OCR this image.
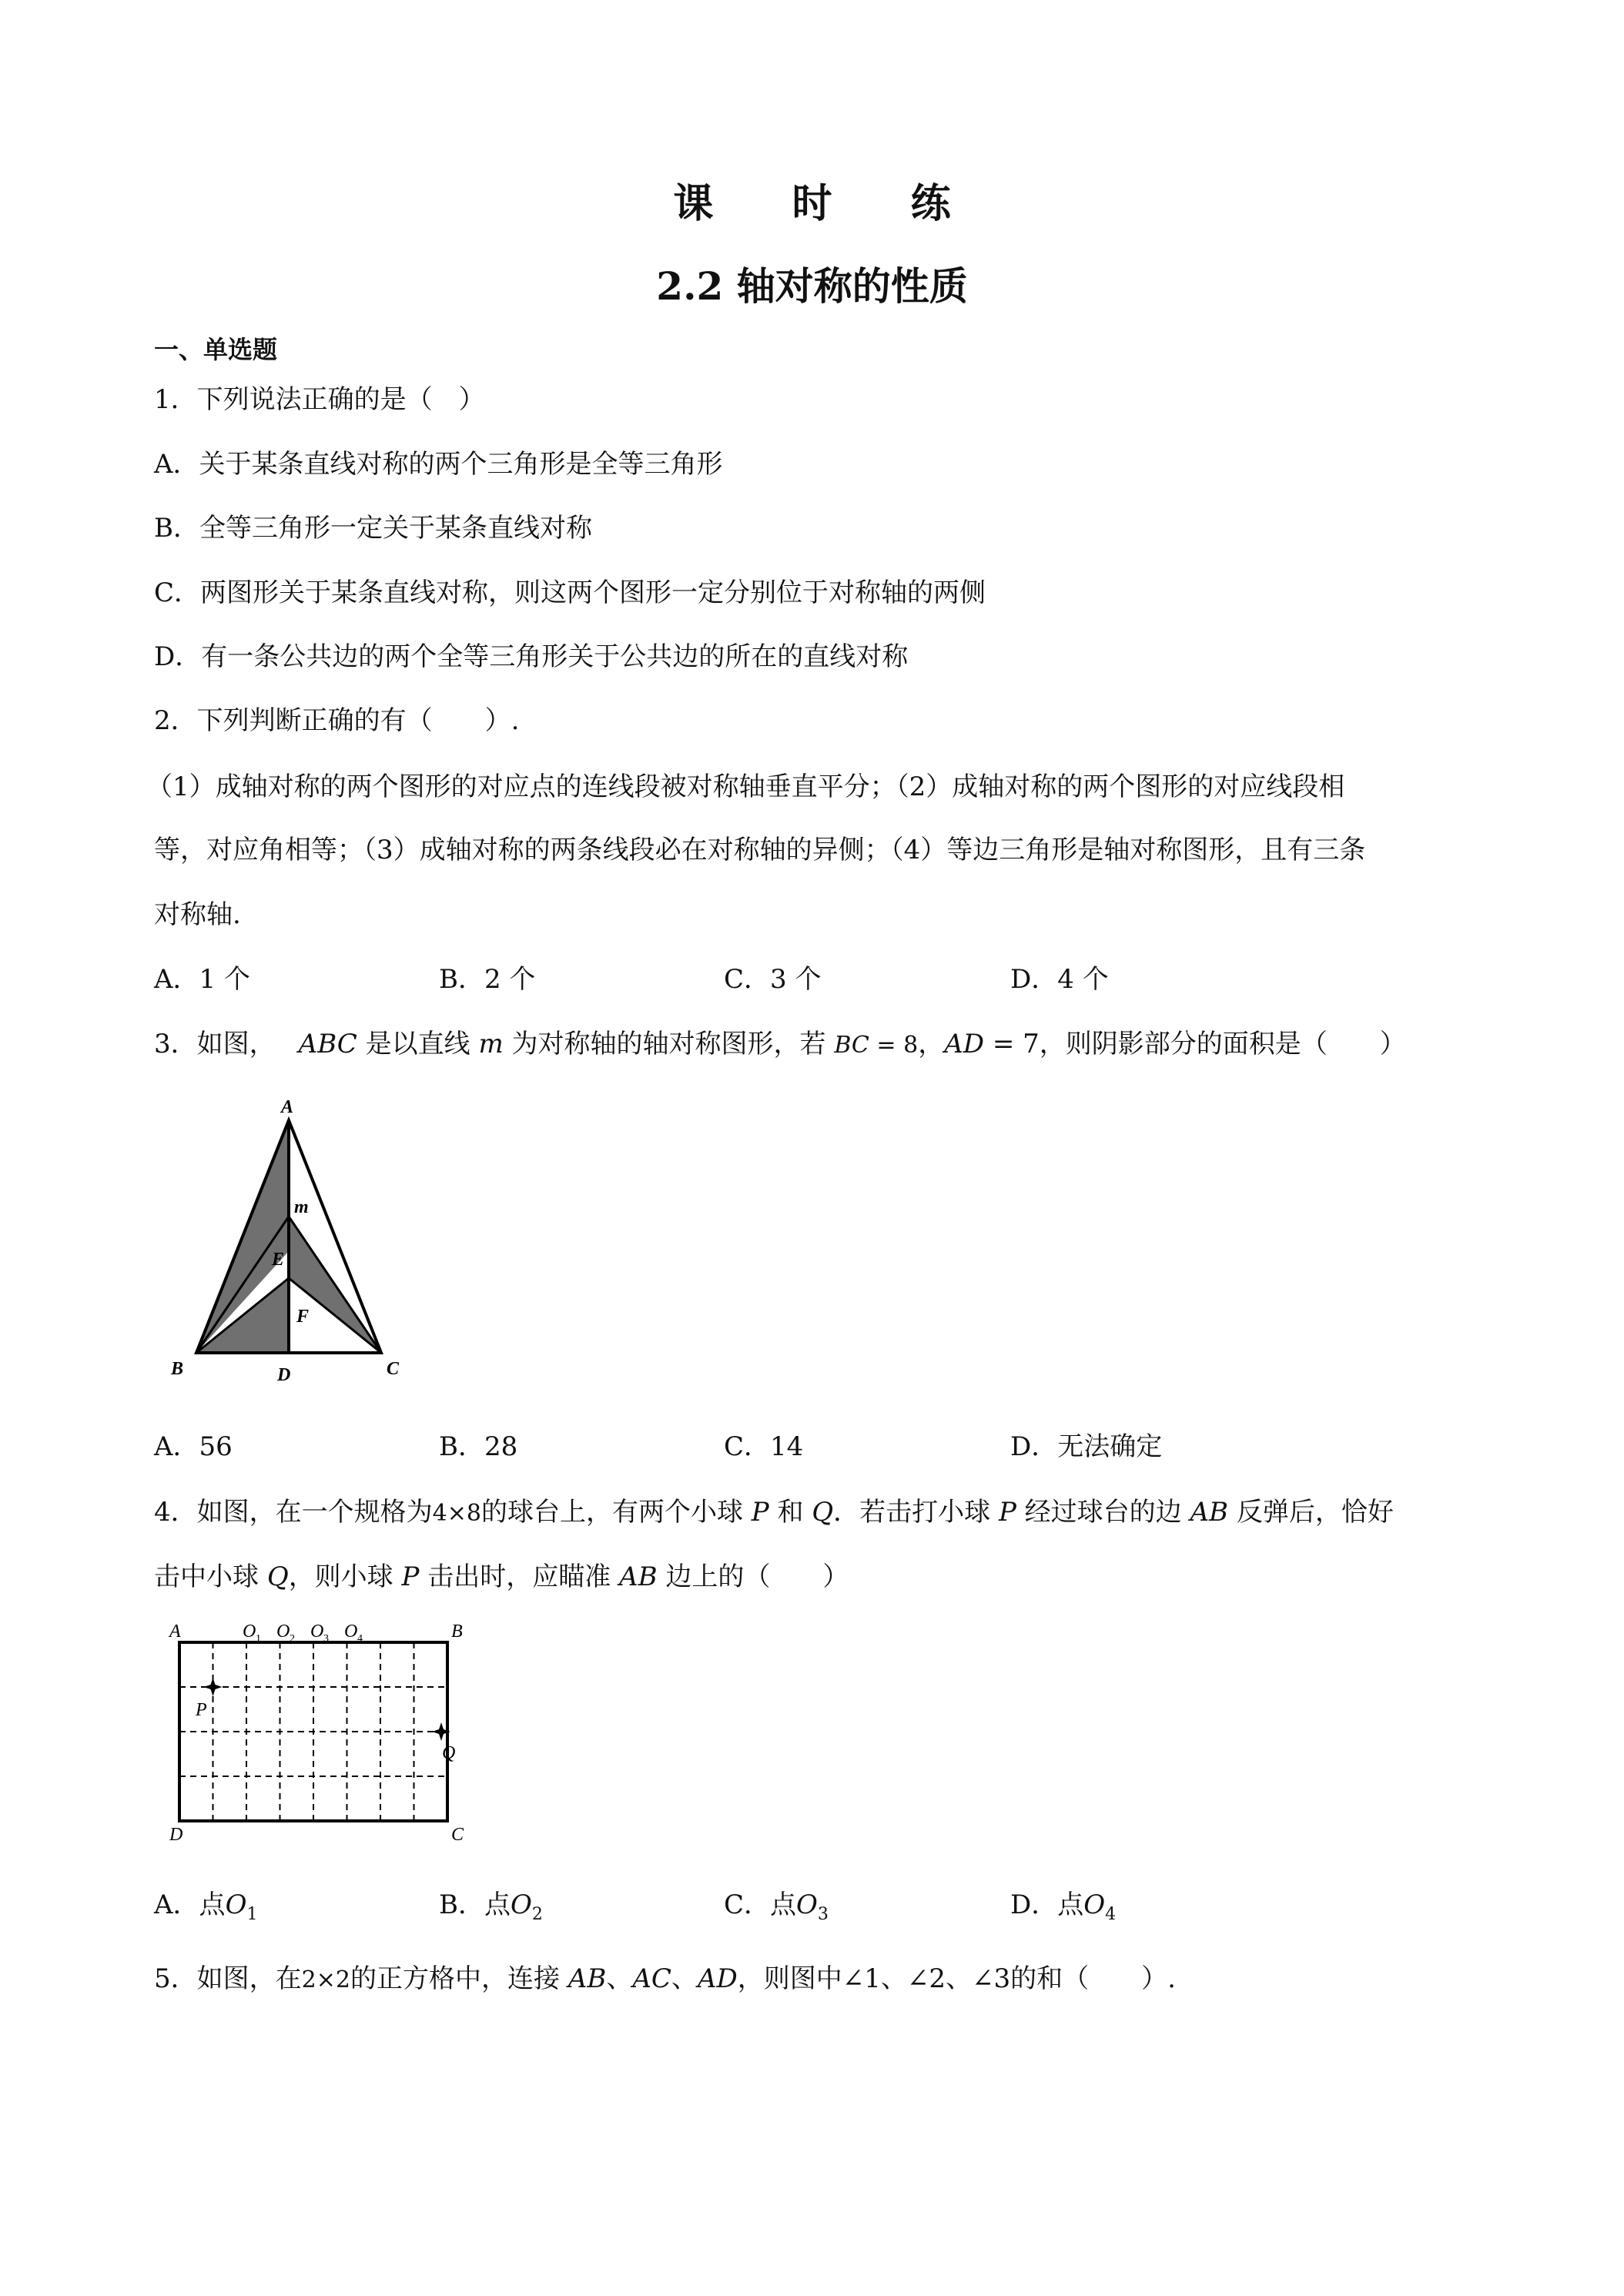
课 时 练
2.2 轴对称的性质
一、单选题
1．下列说法正确的是（　）
A．关于某条直线对称的两个三角形是全等三角形
B．全等三角形一定关于某条直线对称
C．两图形关于某条直线对称，则这两个图形一定分别位于对称轴的两侧
D．有一条公共边的两个全等三角形关于公共边的所在的直线对称
2．下列判断正确的有（　　）.
（1）成轴对称的两个图形的对应点的连线段被对称轴垂直平分；（2）成轴对称的两个图形的对应线段相
等，对应角相等；（3）成轴对称的两条线段必在对称轴的异侧；（4）等边三角形是轴对称图形，且有三条
对称轴.
A．1 个	B．2 个	C．3 个	D．4 个
3．如图， ABC 是以直线 m 为对称轴的轴对称图形，若 BC = 8，AD = 7，则阴影部分的面积是（　　）
A
B	C
D
E
F
m
A．56	B．28	C．14	D．无法确定
4．如图，在一个规格为4×8的球台上，有两个小球 P 和 Q．若击打小球 P 经过球台的边 AB 反弹后，恰好
击中小球 Q，则小球 P 击出时，应瞄准 AB 边上的（　　）
A	B
D	C
P
Q
O O O O
1	2	3	4
A．点$O_1$	B．点$O_2$	C．点$O_3$	D．点$O_4$
5．如图，在2×2的正方格中，连接 AB、AC、AD，则图中∠1、∠2、∠3的和（　　）.
